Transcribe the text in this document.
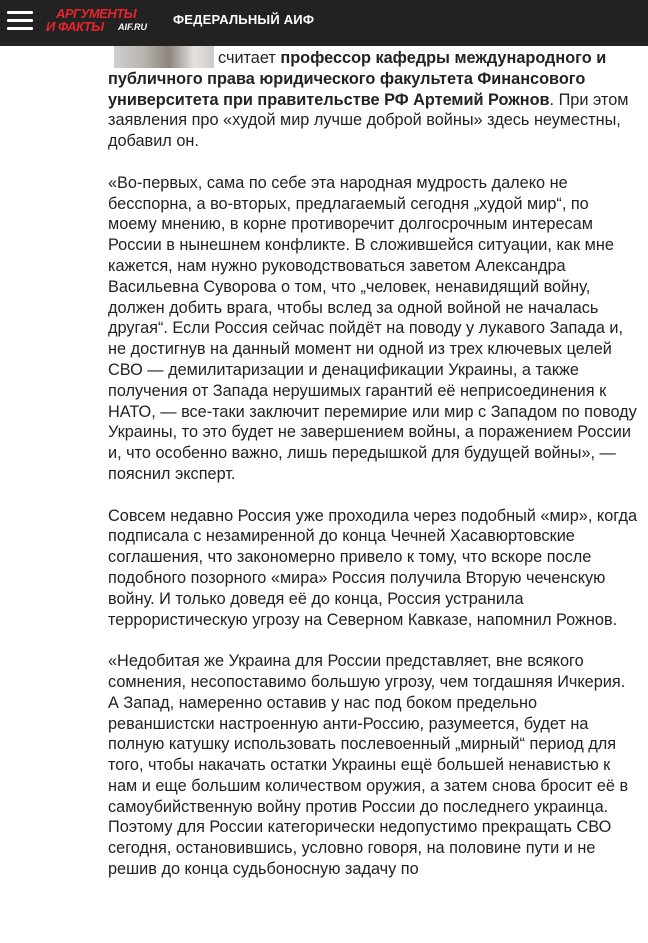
АРГУМЕНТЫ
И ФАКТЫ AIF.RU ФЕДЕРАЛЬНЫЙ АИФ

считает профессор кафедры международного и публичного права юридического факультета Финансового университета при правительстве РФ Артемий Рожнов. При этом заявления про «худой мир лучше доброй войны» здесь неуместны, добавил он.

«Во-первых, сама по себе эта народная мудрость далеко не бесспорна, а во-вторых, предлагаемый сегодня „худой мир“, по моему мнению, в корне противоречит долгосрочным интересам России в нынешнем конфликте. В сложившейся ситуации, как мне кажется, нам нужно руководствоваться заветом Александра Васильевна Суворова о том, что „человек, ненавидящий войну, должен добить врага, чтобы вслед за одной войной не началась другая“. Если Россия сейчас пойдёт на поводу у лукавого Запада и, не достигнув на данный момент ни одной из трех ключевых целей СВО — демилитаризации и денацификации Украины, а также получения от Запада нерушимых гарантий её неприсоединения к НАТО, — все-таки заключит перемирие или мир с Западом по поводу Украины, то это будет не завершением войны, а поражением России и, что особенно важно, лишь передышкой для будущей войны», — пояснил эксперт.

Совсем недавно Россия уже проходила через подобный «мир», когда подписала с незамиренной до конца Чечней Хасавюртовские соглашения, что закономерно привело к тому, что вскоре после подобного позорного «мира» Россия получила Вторую чеченскую войну. И только доведя её до конца, Россия устранила террористическую угрозу на Северном Кавказе, напомнил Рожнов.

«Недобитая же Украина для России представляет, вне всякого сомнения, несопоставимо большую угрозу, чем тогдашняя Ичкерия. А Запад, намеренно оставив у нас под боком предельно реваншистски настроенную анти-Россию, разумеется, будет на полную катушку использовать послевоенный „мирный“ период для того, чтобы накачать остатки Украины ещё большей ненавистью к нам и еще большим количеством оружия, а затем снова бросит её в самоубийственную войну против России до последнего украинца. Поэтому для России категорически недопустимо прекращать СВО сегодня, остановившись, условно говоря, на половине пути и не решив до конца судьбоносную задачу по
